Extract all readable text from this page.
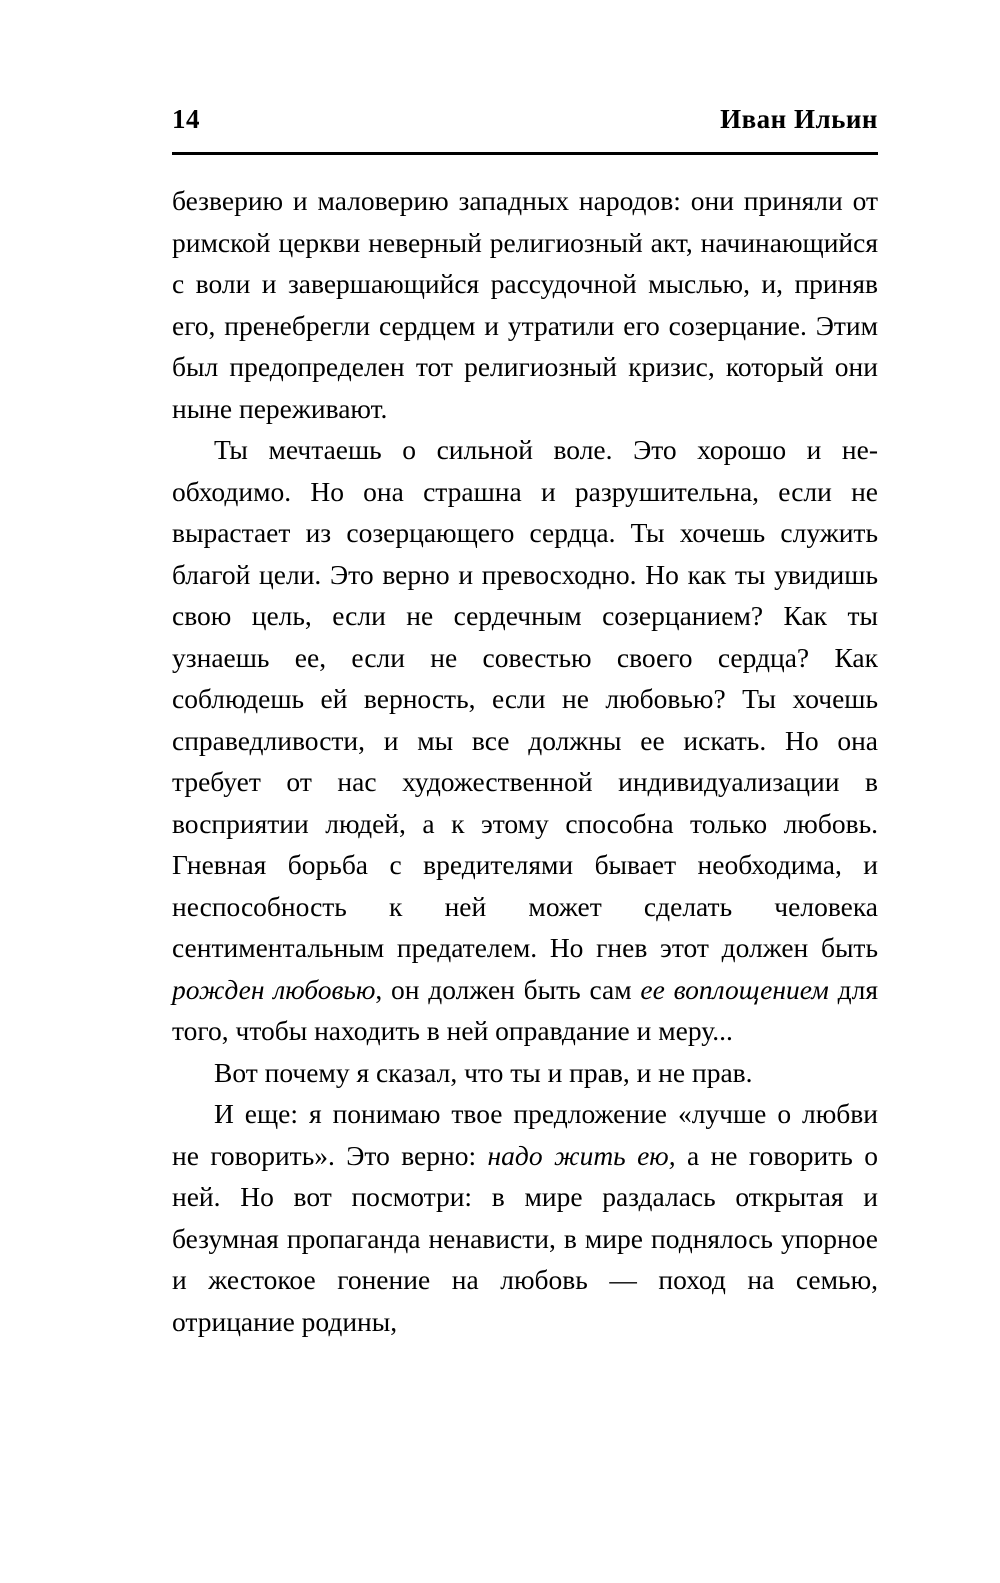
14	Иван Ильин

безверию и маловерию западных народов: они приняли от римской церкви неверный религиозный акт, начинающийся с воли и завершающийся рассудочной мыслью, и, приняв его, пренебрегли сердцем и утратили его созерцание. Этим был предопределен тот религиозный кризис, который они ныне переживают.

Ты мечтаешь о сильной воле. Это хорошо и необходимо. Но она страшна и разрушительна, если не вырастает из созерцающего сердца. Ты хочешь служить благой цели. Это верно и превосходно. Но как ты увидишь свою цель, если не сердечным созерцанием? Как ты узнаешь ее, если не совестью своего сердца? Как соблюдешь ей верность, если не любовью? Ты хочешь справедливости, и мы все должны ее искать. Но она требует от нас художественной индивидуализации в восприятии людей, а к этому способна только любовь. Гневная борьба с вредителями бывает необходима, и неспособность к ней может сделать человека сентиментальным предателем. Но гнев этот должен быть рожден любовью, он должен быть сам ее воплощением для того, чтобы находить в ней оправдание и меру...

Вот почему я сказал, что ты и прав, и не прав.

И еще: я понимаю твое предложение «лучше о любви не говорить». Это верно: надо жить ею, а не говорить о ней. Но вот посмотри: в мире раздалась открытая и безумная пропаганда ненависти, в мире поднялось упорное и жестокое гонение на любовь — поход на семью, отрицание родины,
